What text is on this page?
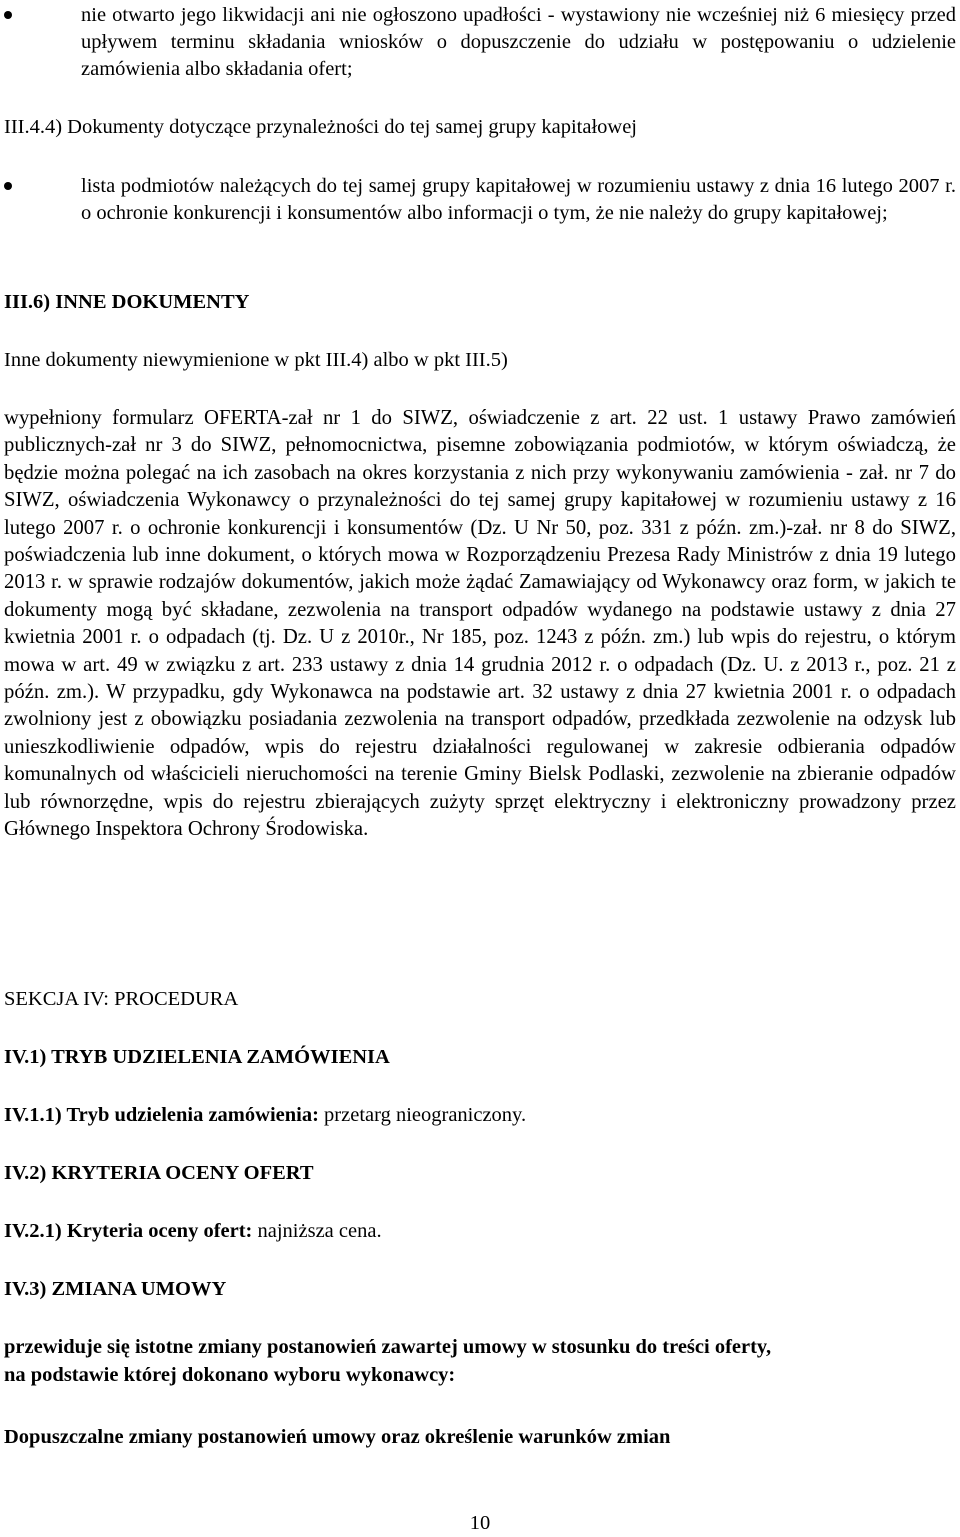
nie otwarto jego likwidacji ani nie ogłoszono upadłości - wystawiony nie wcześniej niż 6 miesięcy przed upływem terminu składania wniosków o dopuszczenie do udziału w postępowaniu o udzielenie zamówienia albo składania ofert;

III.4.4) Dokumenty dotyczące przynależności do tej samej grupy kapitałowej

lista podmiotów należących do tej samej grupy kapitałowej w rozumieniu ustawy z dnia 16 lutego 2007 r. o ochronie konkurencji i konsumentów albo informacji o tym, że nie należy do grupy kapitałowej;

III.6) INNE DOKUMENTY

Inne dokumenty niewymienione w pkt III.4) albo w pkt III.5)

wypełniony formularz OFERTA-zał nr 1 do SIWZ, oświadczenie z art. 22 ust. 1 ustawy Prawo zamówień publicznych-zał nr 3 do SIWZ, pełnomocnictwa, pisemne zobowiązania podmiotów, w którym oświadczą, że będzie można polegać na ich zasobach na okres korzystania z nich przy wykonywaniu zamówienia - zał. nr 7 do SIWZ, oświadczenia Wykonawcy o przynależności do tej samej grupy kapitałowej w rozumieniu ustawy z 16 lutego 2007 r. o ochronie konkurencji i konsumentów (Dz. U Nr 50, poz. 331 z późn. zm.)-zał. nr 8 do SIWZ, poświadczenia lub inne dokument, o których mowa w Rozporządzeniu Prezesa Rady Ministrów z dnia 19 lutego 2013 r. w sprawie rodzajów dokumentów, jakich może żądać Zamawiający od Wykonawcy oraz form, w jakich te dokumenty mogą być składane, zezwolenia na transport odpadów wydanego na podstawie ustawy z dnia 27 kwietnia 2001 r. o odpadach (tj. Dz. U z 2010r., Nr 185, poz. 1243 z późn. zm.) lub wpis do rejestru, o którym mowa w art. 49 w związku z art. 233 ustawy z dnia 14 grudnia 2012 r. o odpadach (Dz. U. z 2013 r., poz. 21 z późn. zm.). W przypadku, gdy Wykonawca na podstawie art. 32 ustawy z dnia 27 kwietnia 2001 r. o odpadach zwolniony jest z obowiązku posiadania zezwolenia na transport odpadów, przedkłada zezwolenie na odzysk lub unieszkodliwienie odpadów, wpis do rejestru działalności regulowanej w zakresie odbierania odpadów komunalnych od właścicieli nieruchomości na terenie Gminy Bielsk Podlaski, zezwolenie na zbieranie odpadów lub równorzędne, wpis do rejestru zbierających zużyty sprzęt elektryczny i elektroniczny prowadzony przez Głównego Inspektora Ochrony Środowiska.

SEKCJA IV: PROCEDURA

IV.1) TRYB UDZIELENIA ZAMÓWIENIA

IV.1.1) Tryb udzielenia zamówienia: przetarg nieograniczony.

IV.2) KRYTERIA OCENY OFERT

IV.2.1) Kryteria oceny ofert: najniższa cena.

IV.3) ZMIANA UMOWY

przewiduje się istotne zmiany postanowień zawartej umowy w stosunku do treści oferty,

na podstawie której dokonano wyboru wykonawcy:

Dopuszczalne zmiany postanowień umowy oraz określenie warunków zmian

10
